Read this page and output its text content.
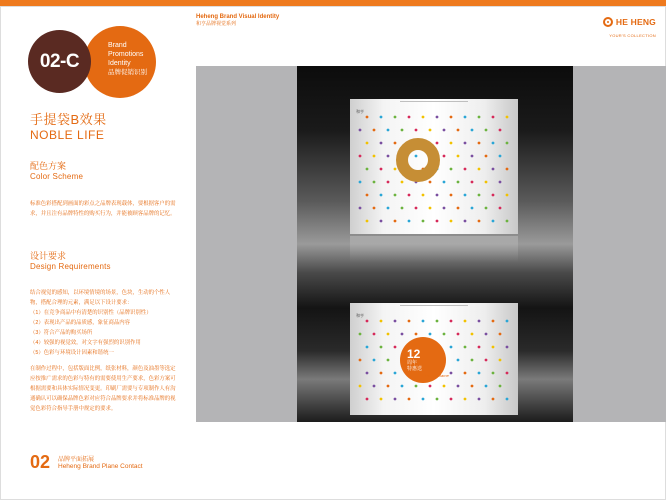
Heheng Brand Visual Identity
和亨品牌视觉系列	HE HENG
YOUR'S COLLECTION
02-C
Brand
Promotions
Identity
品牌促销识别
手提袋B效果
NOBLE LIFE
配色方案
Color Scheme

标准色彩搭配到画面的彩点之品牌表现载体，要根据客户的需求，并且注有品牌特性的购买行为，并能被顾客品牌的记忆。

设计要求
Design Requirements

结合视觉的感知，以环境情境的场景，色块，生动的个性人物，搭配合理的元素，满足以下设计要求：

（1）在竞争商品中有清楚的识别性（品牌识别性）

（2）表现出产品的品质感，象征商品内容

（3）符合产品的购买场所

（4）较强的视觉效，对文字有强烈的识别作用

（5）色彩与环境设计因素和谐统一

在制作过程中，包括版面比例，纸张材料，颜色及油墨等选定应按推广需求的色彩与特有的需要使用生产要求，色彩方案可根据需要和具体实际情况变更。印刷厂需要与专项制作人有沟通确认可以确保品牌色彩对应符合品牌要求并将标准品牌的视觉色彩符合指导手册中规定的要求。

02 品牌平面拓展
Heheng Brand Plane Contact
和亨
和亨
12
周年
特惠送
Fall in aflame
